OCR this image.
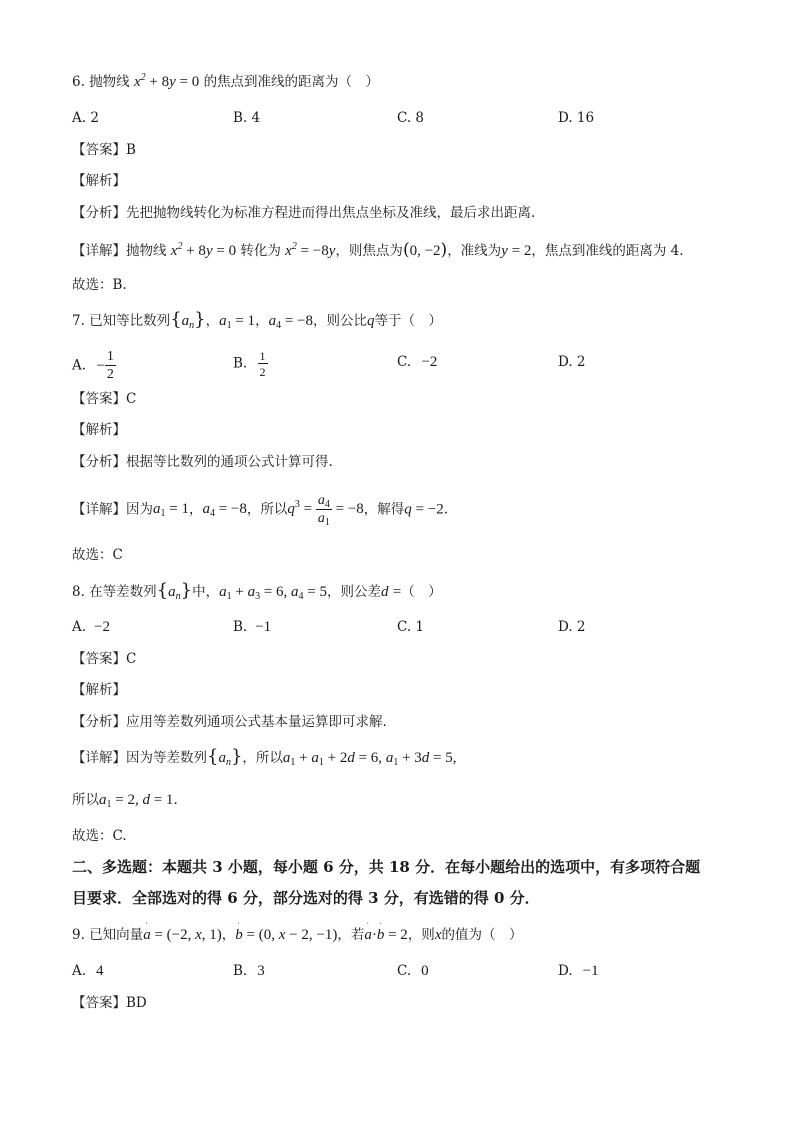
6. 抛物线 $x^2 + 8y = 0$ 的焦点到准线的距离为（　）
A. 2	B. 4	C. 8	D. 16
【答案】B
【解析】
【分析】先把抛物线转化为标准方程进而得出焦点坐标及准线，最后求出距离.
【详解】抛物线 $x^2 + 8y = 0$ 转化为 $x^2 = -8y$，则焦点为(0, −2)，准线为y = 2，焦点到准线的距离为 4.
故选：B.
7. 已知等比数列$\{a_n\}$，$a_1 = 1$，$a_4 = -8$，则公比q等于（　）
A. − $\frac{1}{2}$	B. $\frac{1}{2}$	C. −2	D. 2
【答案】C
【解析】
【分析】根据等比数列的通项公式计算可得.
【详解】因为$a_1 = 1$，$a_4 = -8$，所以$q^3 = \frac{a_4}{a_1} = -8$，解得q = −2.
故选：C
8. 在等差数列$\{a_n\}$中，$a_1 + a_3 = 6$, $a_4 = 5$，则公差d =（　）
A. −2	B. −1	C. 1	D. 2
【答案】C
【解析】
【分析】应用等差数列通项公式基本量运算即可求解.
【详解】因为等差数列$\{a_n\}$，所以$a_1 + a_1 + 2d = 6$, $a_1 + 3d = 5$,
所以$a_1 = 2$, d = 1.
故选：C.
二、多选题：本题共 3 小题，每小题 6 分，共 18 分．在每小题给出的选项中，有多项符合题
目要求．全部选对的得 6 分，部分选对的得 3 分，有选错的得 0 分．
9. 已知向量ˈ a = (−2, x, 1)，ˈ b = (0, x − 2, −1)，若ˈ a·ˈ b = 2，则x的值为（　）
A. 4	B. 3	C. 0	D. −1
【答案】BD
